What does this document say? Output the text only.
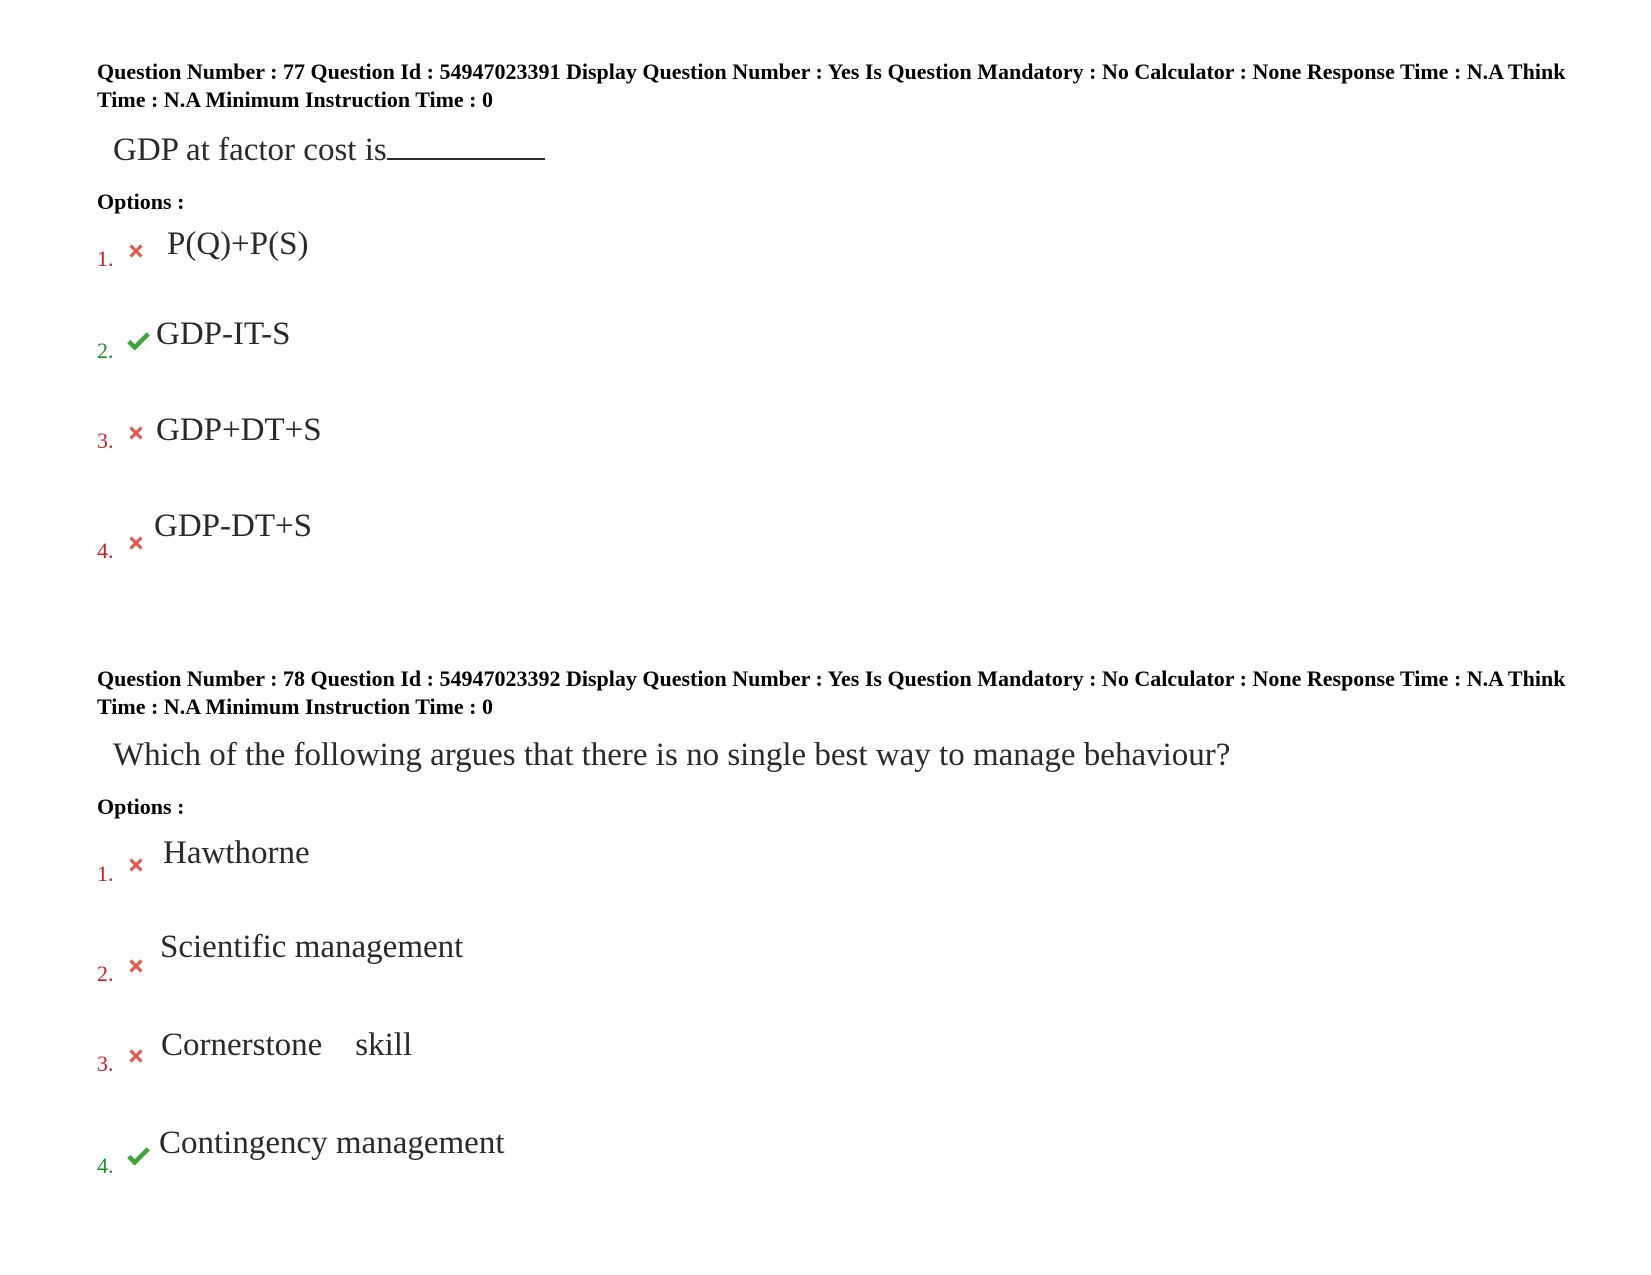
Question Number : 77 Question Id : 54947023391 Display Question Number : Yes Is Question Mandatory : No Calculator : None Response Time : N.A Think Time : N.A Minimum Instruction Time : 0

GDP at factor cost is

Options :

1. P(Q)+P(S)
2. GDP-IT-S
3. GDP+DT+S
4.
GDP-DT+S

Question Number : 78 Question Id : 54947023392 Display Question Number : Yes Is Question Mandatory : No Calculator : None Response Time : N.A Think Time : N.A Minimum Instruction Time : 0

Which of the following argues that there is no single best way to manage behaviour?

Options :

1.
Hawthorne
2.
Scientific management
3.
Cornerstone    skill
4.
Contingency management
